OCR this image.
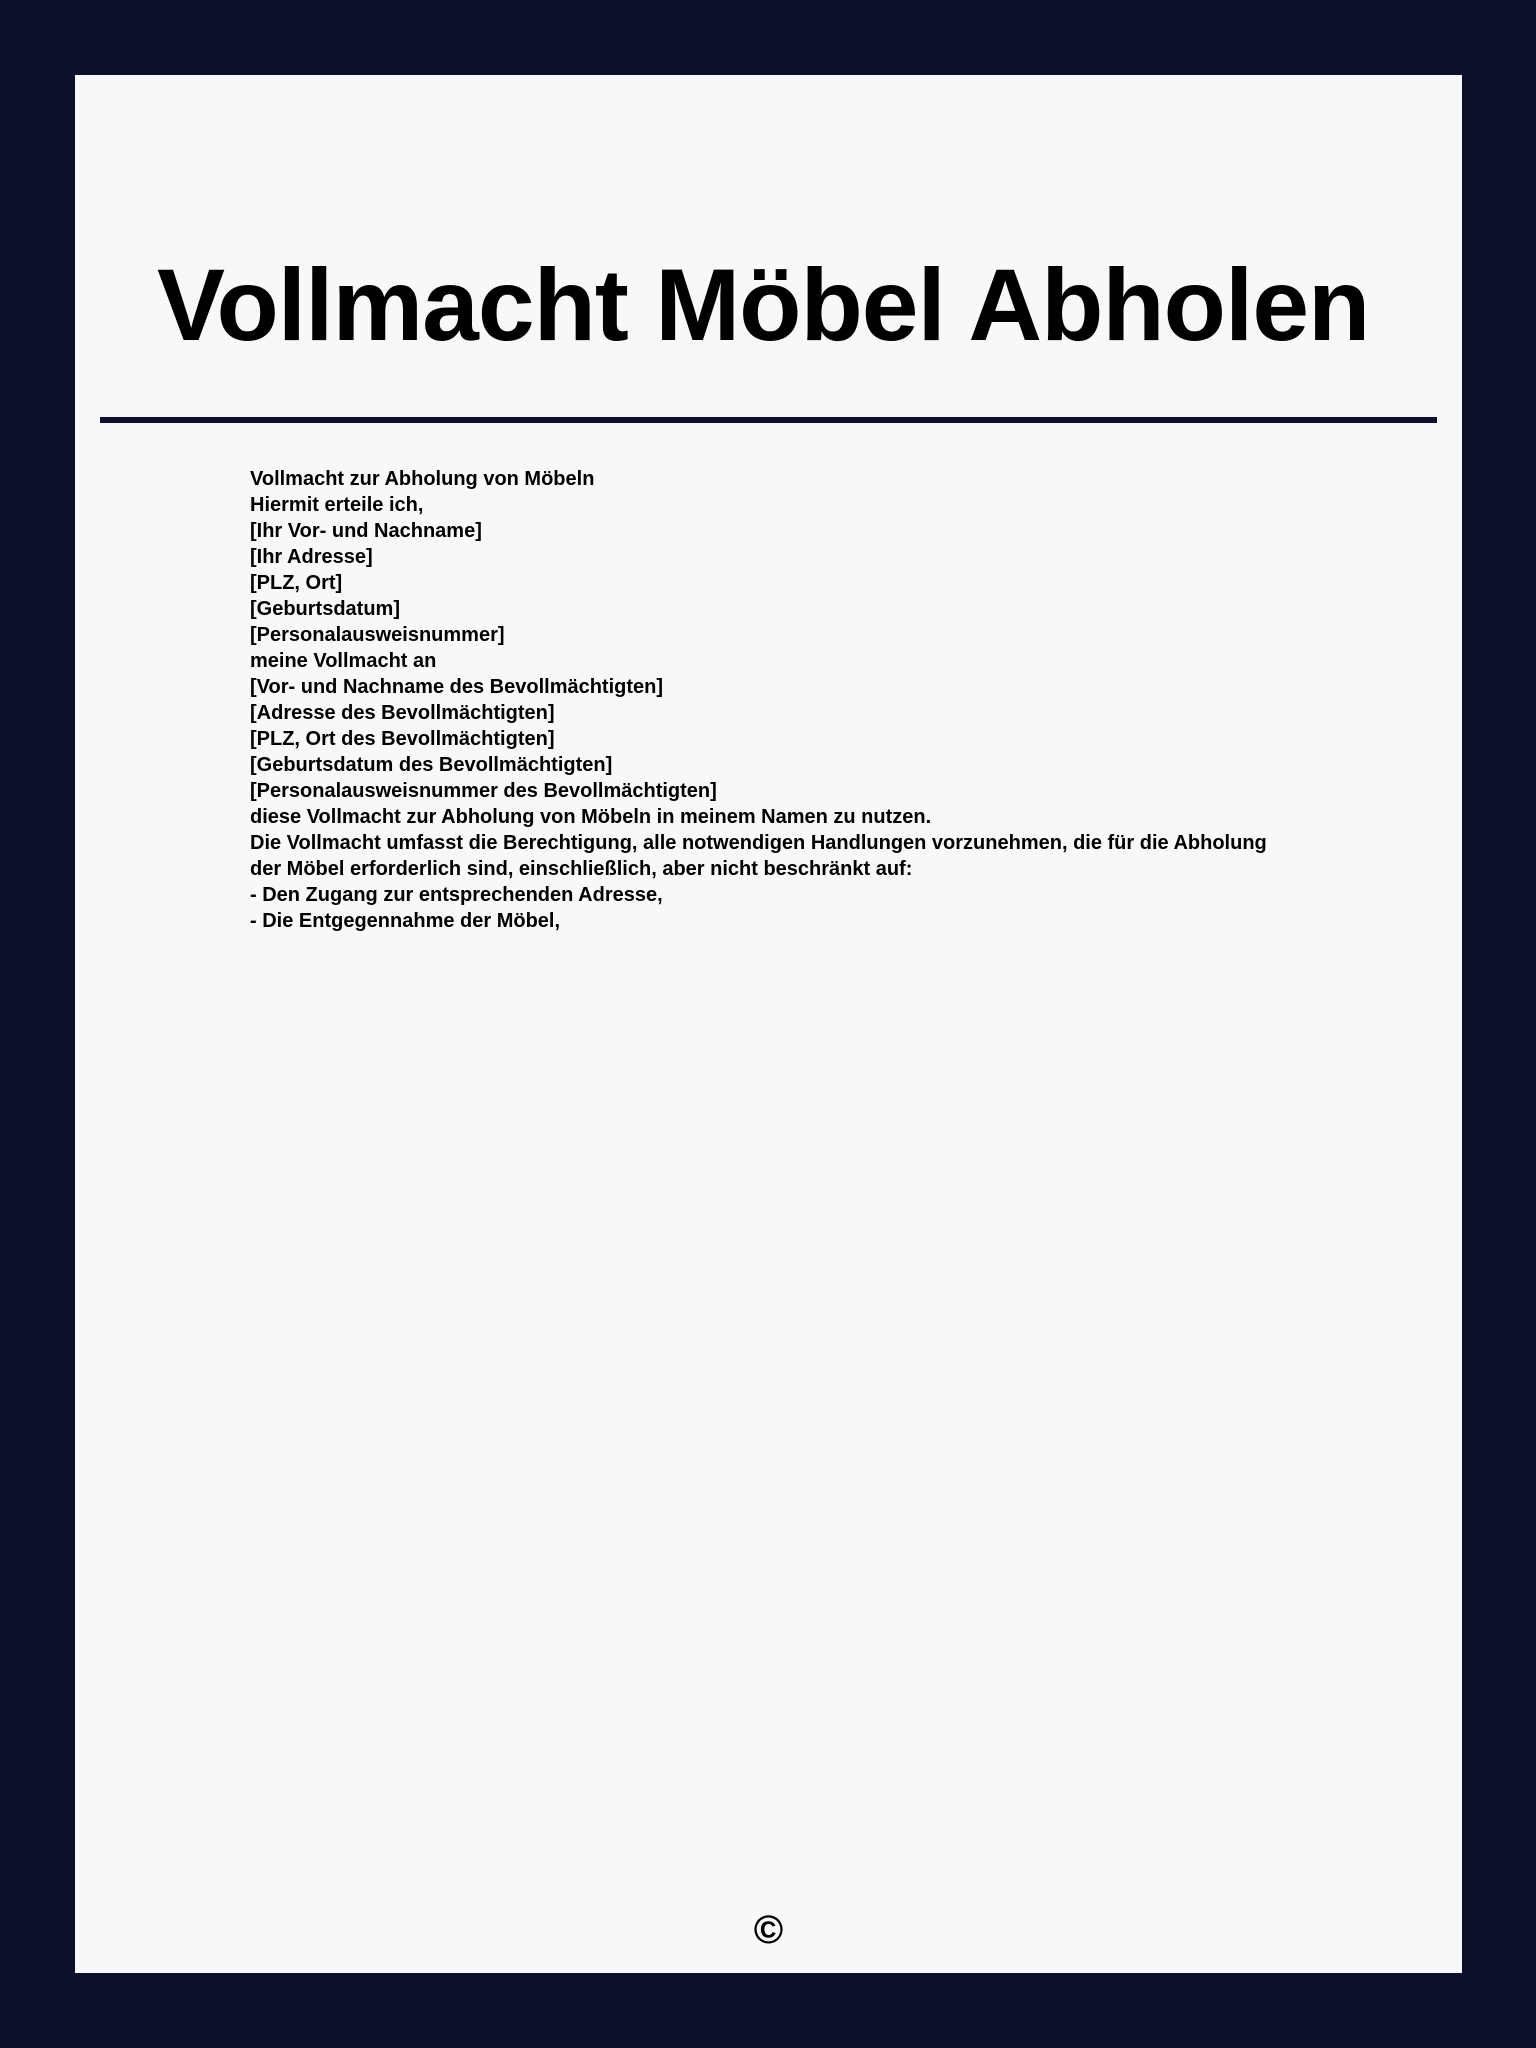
Vollmacht Möbel Abholen

Vollmacht zur Abholung von Möbeln

Hiermit erteile ich,

[Ihr Vor- und Nachname]

[Ihr Adresse]

[PLZ, Ort]

[Geburtsdatum]

[Personalausweisnummer]

meine Vollmacht an

[Vor- und Nachname des Bevollmächtigten]

[Adresse des Bevollmächtigten]

[PLZ, Ort des Bevollmächtigten]

[Geburtsdatum des Bevollmächtigten]

[Personalausweisnummer des Bevollmächtigten]

diese Vollmacht zur Abholung von Möbeln in meinem Namen zu nutzen.

Die Vollmacht umfasst die Berechtigung, alle notwendigen Handlungen vorzunehmen, die für die Abholung der Möbel erforderlich sind, einschließlich, aber nicht beschränkt auf:

- Den Zugang zur entsprechenden Adresse,

- Die Entgegennahme der Möbel,

©
